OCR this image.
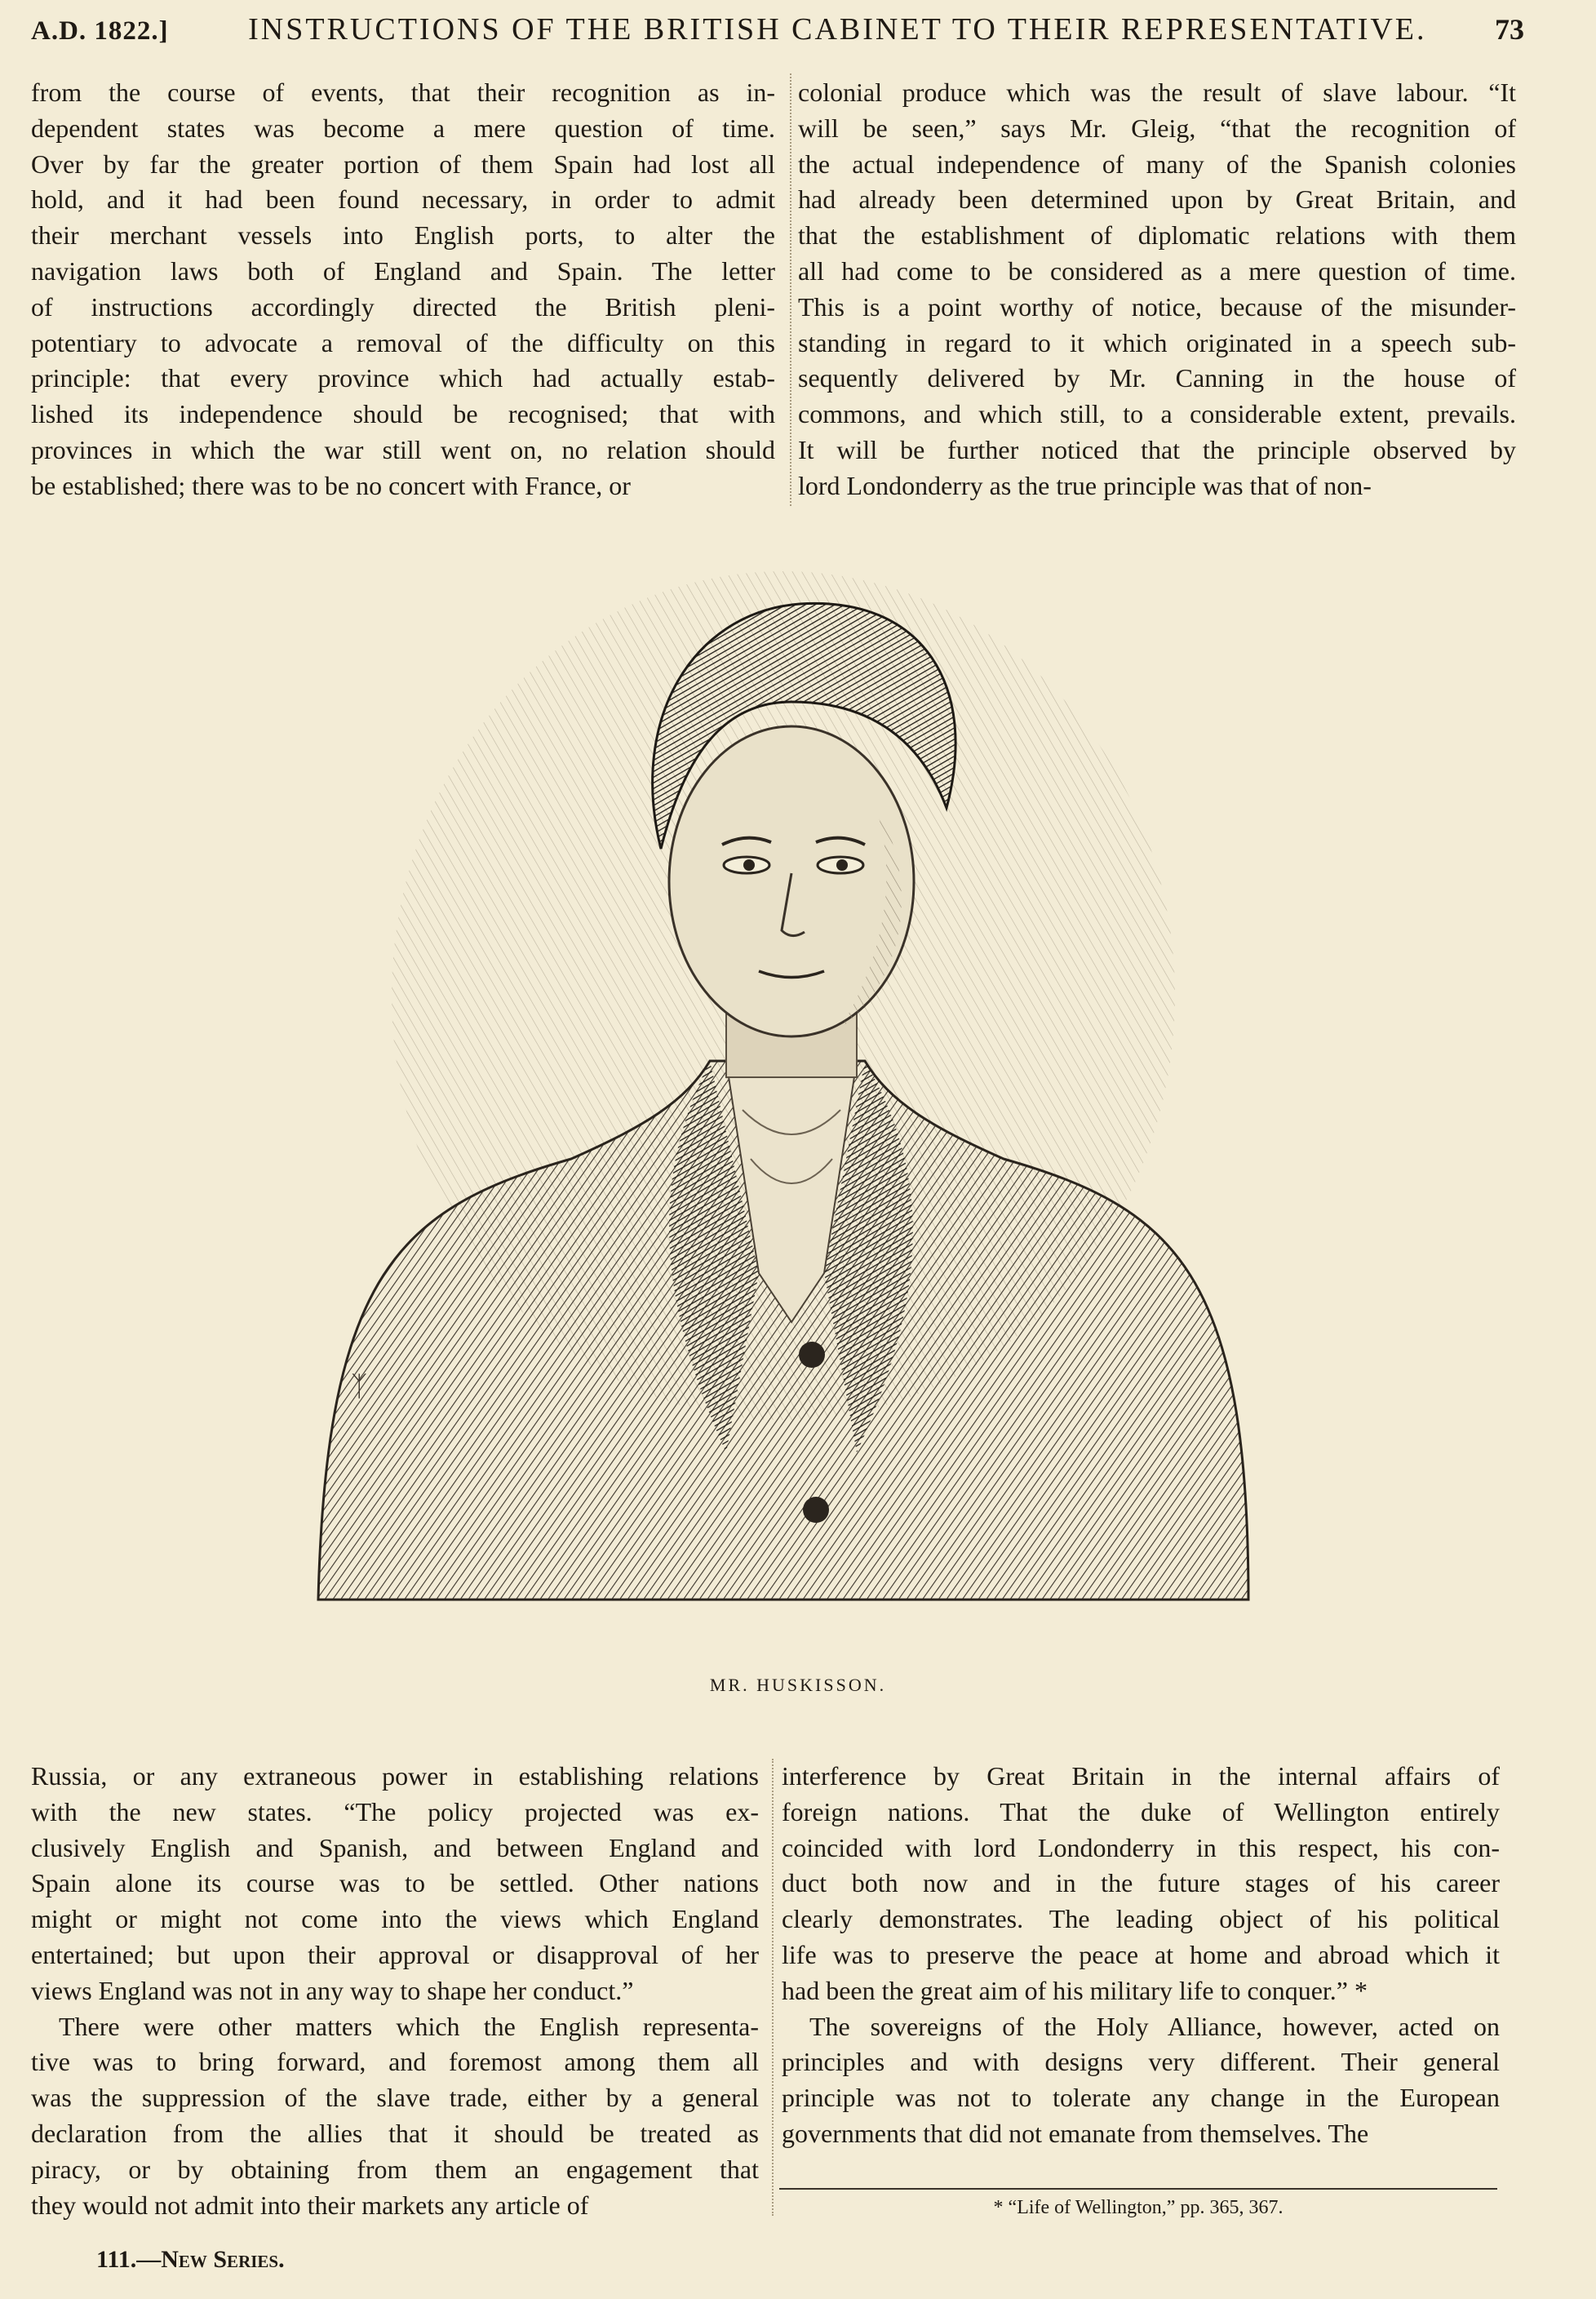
A.D. 1822.]	INSTRUCTIONS OF THE BRITISH CABINET TO THEIR REPRESENTATIVE.	73
from the course of events, that their recognition as in-
dependent states was become a mere question of time.
Over by far the greater portion of them Spain had lost all
hold, and it had been found necessary, in order to admit
their merchant vessels into English ports, to alter the
navigation laws both of England and Spain. The letter
of instructions accordingly directed the British pleni-
potentiary to advocate a removal of the difficulty on this
principle: that every province which had actually estab-
lished its independence should be recognised; that with
provinces in which the war still went on, no relation should
be established; there was to be no concert with France, or
colonial produce which was the result of slave labour. “It
will be seen,” says Mr. Gleig, “that the recognition of
the actual independence of many of the Spanish colonies
had already been determined upon by Great Britain, and
that the establishment of diplomatic relations with them
all had come to be considered as a mere question of time.
This is a point worthy of notice, because of the misunder-
standing in regard to it which originated in a speech sub-
sequently delivered by Mr. Canning in the house of
commons, and which still, to a considerable extent, prevails.
It will be further noticed that the principle observed by
lord Londonderry as the true principle was that of non-
ᛉ
MR. HUSKISSON.
Russia, or any extraneous power in establishing relations
with the new states. “The policy projected was ex-
clusively English and Spanish, and between England and
Spain alone its course was to be settled. Other nations
might or might not come into the views which England
entertained; but upon their approval or disapproval of her
views England was not in any way to shape her conduct.”
There were other matters which the English representa-
tive was to bring forward, and foremost among them all
was the suppression of the slave trade, either by a general
declaration from the allies that it should be treated as
piracy, or by obtaining from them an engagement that
they would not admit into their markets any article of
interference by Great Britain in the internal affairs of
foreign nations. That the duke of Wellington entirely
coincided with lord Londonderry in this respect, his con-
duct both now and in the future stages of his career
clearly demonstrates. The leading object of his political
life was to preserve the peace at home and abroad which it
had been the great aim of his military life to conquer.” *
The sovereigns of the Holy Alliance, however, acted on
principles and with designs very different. Their general
principle was not to tolerate any change in the European
governments that did not emanate from themselves. The
* “Life of Wellington,” pp. 365, 367.
111.—New Series.
